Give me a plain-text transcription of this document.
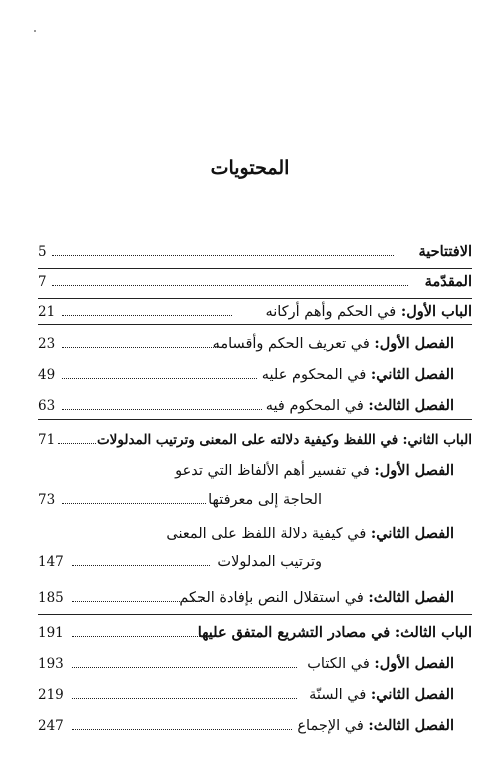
المحتويات
الافتتاحية
5
المقدّمة
7
الباب الأول:

في الحكم وأهم أركانه
21
الفصل الأول:

في تعريف الحكم وأقسامه
23
الفصل الثاني:

في المحكوم عليه
49
الفصل الثالث:

في المحكوم فيه
63
الباب الثاني:

في اللفظ وكيفية دلالته على المعنى وترتيب المدلولات
71
الفصل الأول:

في تفسير أهم الألفاظ التي تدعو
الحاجة إلى معرفتها
73
الفصل الثاني:

في كيفية دلالة اللفظ على المعنى
وترتيب المدلولات
147
الفصل الثالث:

في استقلال النص بإفادة الحكم
185
الباب الثالث:

في مصادر التشريع المتفق عليها
191
الفصل الأول:

في الكتاب
193
الفصل الثاني:

في السنّة
219
الفصل الثالث:

في الإجماع
247
